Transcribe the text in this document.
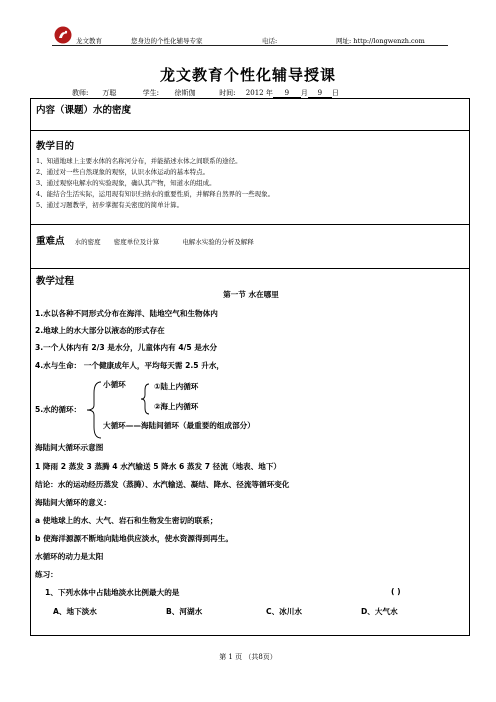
龙文教育	您身边的个性化辅导专家	电话:	网址: http://longwenzh.com
龙文教育个性化辅导授课
教师: 万聪	学生: 徐斯伽	时间: 2012 年 9 月 9 日
内容（课题）水的密度
教学目的
1、知道地球上主要水体的名称河分布，并能描述水体之间联系的途径。
2、通过对一些自然现象的观察，认识水体运动的基本特点。
3、通过观察电解水的实验现象，确认其产物，知道水的组成。
4、能结合生活实际，运用现有知识归纳水的重要性质，并解释自然界的一些现象。
5、通过习题教学，初步掌握有关密度的简单计算。
重难点 水的密度 密度单位及计算	电解水实验的分析及解释
教学过程
第一节 水在哪里
1.水以各种不同形式分布在海洋、陆地空气和生物体内
2.地球上的水大部分以液态的形式存在
3.一个人体内有 2/3 是水分，儿童体内有 4/5 是水分
4.水与生命： 一个健康成年人，平均每天需 2.5 升水，
5.水的循环：
小循环	①陆上内循环
②海上内循环
大循环——海陆间循环（最重要的组成部分）
海陆间大循环示意图
1 降雨 2 蒸发 3 蒸腾 4 水汽输送 5 降水 6 蒸发 7 径流（地表、地下）
结论：水的运动经历蒸发（蒸腾）、水汽输送、凝结、降水、径流等循环变化
海陆间大循环的意义：
a 使地球上的水、大气、岩石和生物发生密切的联系；
b 使海洋源源不断地向陆地供应淡水，使水资源得到再生。
水循环的动力是太阳
练习：
1、下列水体中占陆地淡水比例最大的是	( )
A、地下淡水	B、河湖水	C、冰川水	D、大气水
第 1 页 （共8页）
